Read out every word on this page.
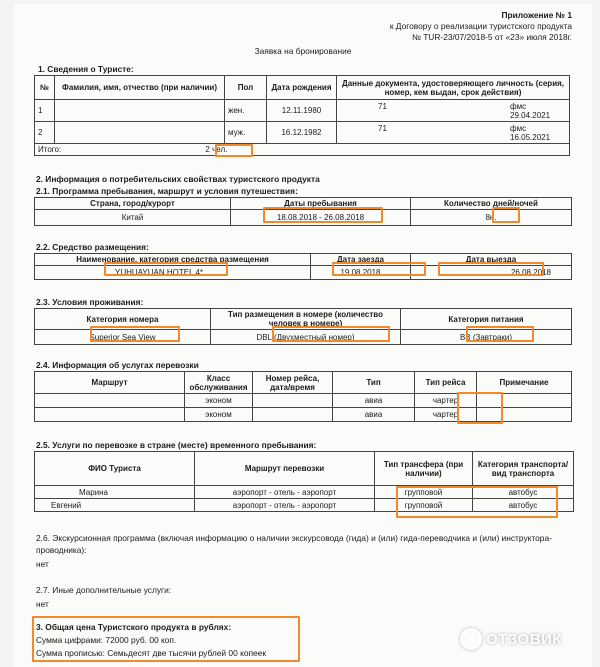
Приложение № 1
к Договору о реализации туристского продукта
№ TUR-23/07/2018-5 от «23» июля 2018г.
Заявка на бронирование
1. Сведения о Туристе:
№	Фамилия, имя, отчество (при наличии)	Пол	Дата рождения	Данные документа, удостоверяющего личность (серия, номер, кем выдан, срок действия)
1		жен.	12.11.1980	71 фмс
29.04.2021

2		муж.	16.12.1982	71 фмс
16.05.2021

Итого: 2 чел.				
2. Информация о потребительских свойствах туристского продукта
2.1. Программа пребывания, маршрут и условия путешествия:
Страна, город/курорт	Даты пребывания	Количество дней/ночей
Китай	18.08.2018 - 26.08.2018	8н.
2.2. Средство размещения:
Наименование, категория средства размещения	Дата заезда	Дата выезда
YUHUAYUAN HOTEL 4*	19.08.2018	26.08.2018
2.3. Условия проживания:
Категория номера	Тип размещения в номере (количество человек в номере)	Категория питания
Superior Sea View	DBL (Двухместный номер)	BB (Завтраки)
2.4. Информация об услугах перевозки
Маршрут	Класс обслуживания	Номер рейса, дата/время	Тип	Тип рейса	Примечание
	эконом		авиа	чартер	
	эконом		авиа	чартер	
2.5. Услуги по перевозке в стране (месте) временного пребывания:
ФИО Туриста	Маршрут перевозки	Тип трансфера (при наличии)	Категория транспорта/вид транспорта
Марина	аэропорт - отель - аэропорт	групповой	автобус
Евгений	аэропорт - отель - аэропорт	групповой	автобус
2.6. Экскурсионная программа (включая информацию о наличии экскурсовода (гида) и (или) гида-переводчика и (или) инструктора-проводника):
нет
2.7. Иные дополнительные услуги:
нет
3. Общая цена Туристского продукта в рублях:
Сумма цифрами: 72000 руб. 00 коп.
Сумма прописью: Семьдесят две тысячи рублей 00 копеек
ОТЗОВИК
